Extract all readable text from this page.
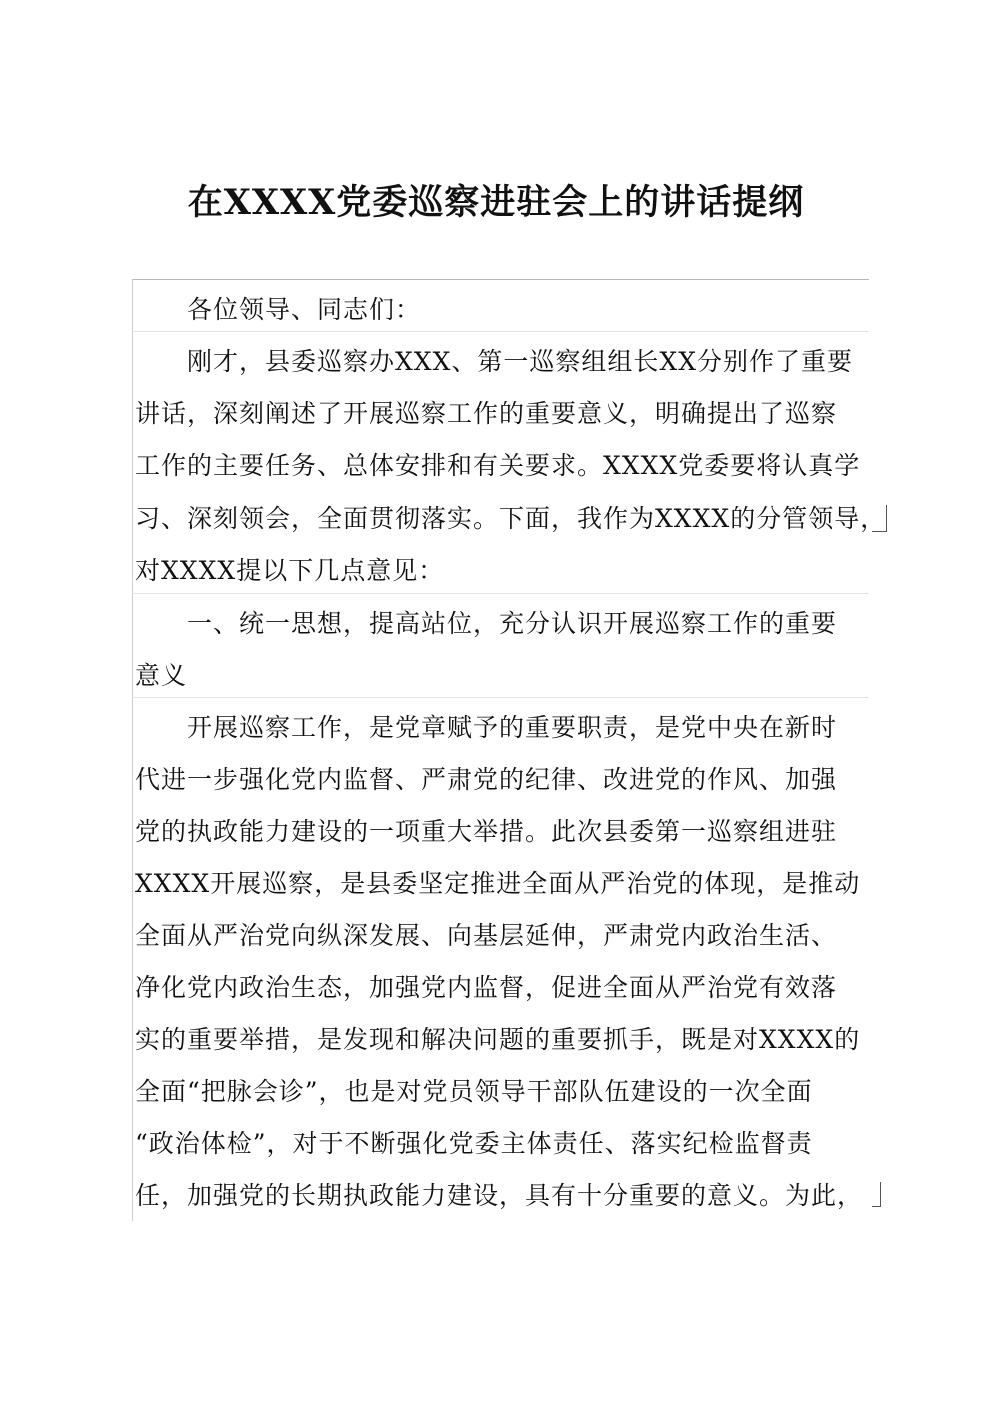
在XXXX党委巡察进驻会上的讲话提纲
各位领导、同志们：
刚才，县委巡察办XXX、第一巡察组组长XX分别作了重要
讲话，深刻阐述了开展巡察工作的重要意义，明确提出了巡察
工作的主要任务、总体安排和有关要求。XXXX党委要将认真学
习、深刻领会，全面贯彻落实。下面，我作为XXXX的分管领导，
对XXXX提以下几点意见：
一、统一思想，提高站位，充分认识开展巡察工作的重要
意义
开展巡察工作，是党章赋予的重要职责，是党中央在新时
代进一步强化党内监督、严肃党的纪律、改进党的作风、加强
党的执政能力建设的一项重大举措。此次县委第一巡察组进驻
XXXX开展巡察，是县委坚定推进全面从严治党的体现，是推动
全面从严治党向纵深发展、向基层延伸，严肃党内政治生活、
净化党内政治生态，加强党内监督，促进全面从严治党有效落
实的重要举措，是发现和解决问题的重要抓手，既是对XXXX的
全面“把脉会诊”，也是对党员领导干部队伍建设的一次全面
“政治体检”，对于不断强化党委主体责任、落实纪检监督责
任，加强党的长期执政能力建设，具有十分重要的意义。为此，
